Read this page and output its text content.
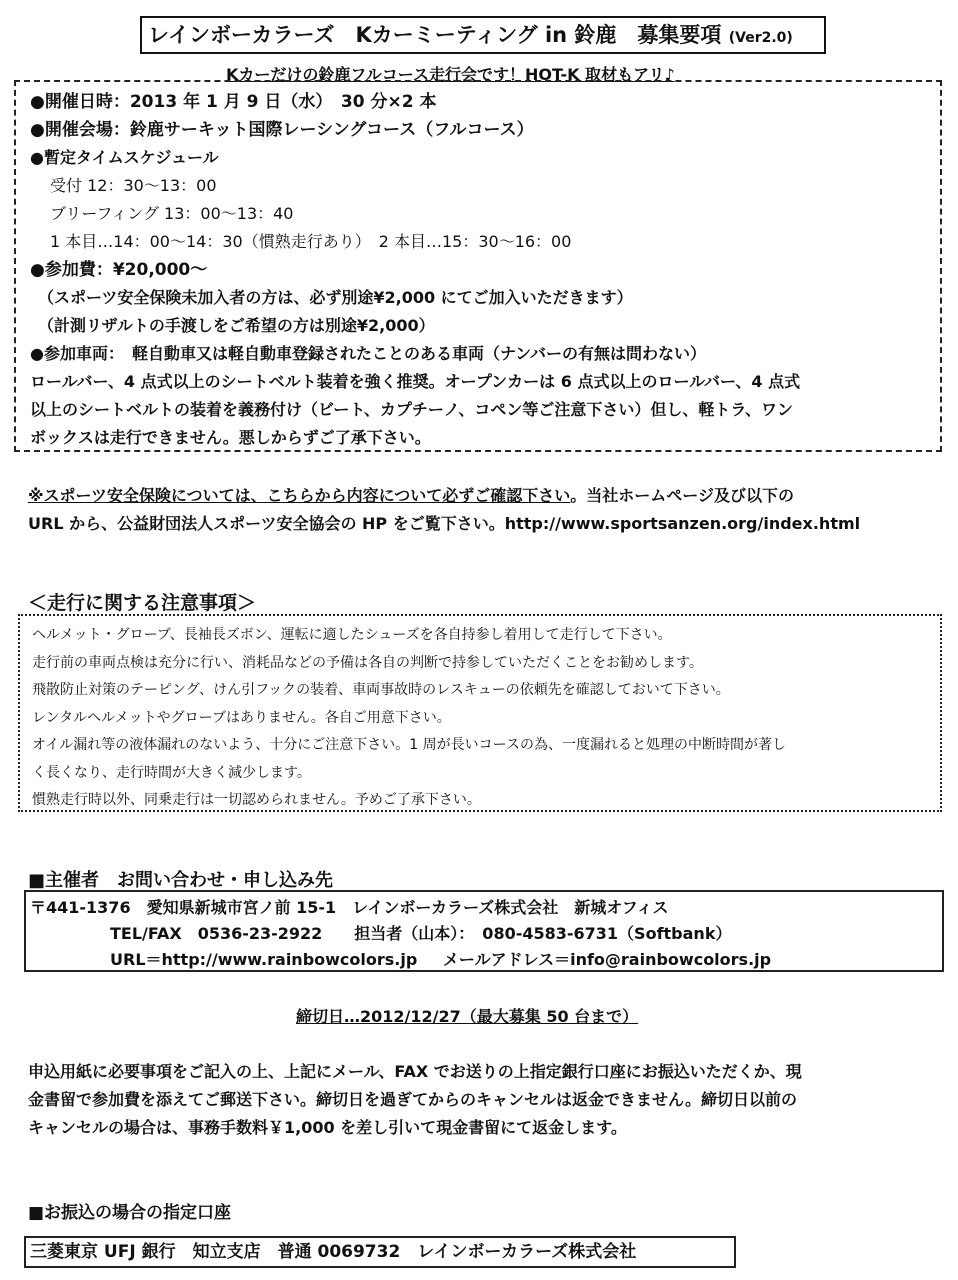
レインボーカラーズ　Kカーミーティング in 鈴鹿　募集要項 (Ver2.0)
Kカーだけの鈴鹿フルコース走行会です！HOT-K 取材もアリ♪
●開催日時：2013 年 1 月 9 日（水）　30 分×2 本
●開催会場：鈴鹿サーキット国際レーシングコース（フルコース）
●暫定タイムスケジュール
受付 12：30〜13：00
ブリーフィング 13：00〜13：40
1 本目…14：00〜14：30（慣熟走行あり）　2 本目…15：30〜16：00
●参加費：¥20,000〜
（スポーツ安全保険未加入者の方は、必ず別途¥2,000 にてご加入いただきます）
（計測リザルトの手渡しをご希望の方は別途¥2,000）
●参加車両：　軽自動車又は軽自動車登録されたことのある車両（ナンバーの有無は問わない）
ロールバー、4 点式以上のシートベルト装着を強く推奨。オープンカーは 6 点式以上のロールバー、4 点式
以上のシートベルトの装着を義務付け（ビート、カプチーノ、コペン等ご注意下さい）但し、軽トラ、ワン
ボックスは走行できません。悪しからずご了承下さい。
※スポーツ安全保険については、こちらから内容について必ずご確認下さい。当社ホームページ及び以下の
URL から、公益財団法人スポーツ安全協会の HP をご覧下さい。http://www.sportsanzen.org/index.html
＜走行に関する注意事項＞
ヘルメット・グローブ、長袖長ズボン、運転に適したシューズを各自持参し着用して走行して下さい。
走行前の車両点検は充分に行い、消耗品などの予備は各自の判断で持参していただくことをお勧めします。
飛散防止対策のテーピング、けん引フックの装着、車両事故時のレスキューの依頼先を確認しておいて下さい。
レンタルヘルメットやグローブはありません。各自ご用意下さい。
オイル漏れ等の液体漏れのないよう、十分にご注意下さい。1 周が長いコースの為、一度漏れると処理の中断時間が著し
く長くなり、走行時間が大きく減少します。
慣熟走行時以外、同乗走行は一切認められません。予めご了承下さい。
■主催者　お問い合わせ・申し込み先
〒441-1376　愛知県新城市宮ノ前 15-1　レインボーカラーズ株式会社　新城オフィス
TEL/FAX　0536-23-2922　　担当者（山本）：　080-4583-6731（Softbank）
URL＝http://www.rainbowcolors.jp メールアドレス＝info@rainbowcolors.jp
締切日…2012/12/27（最大募集 50 台まで）
申込用紙に必要事項をご記入の上、上記にメール、FAX でお送りの上指定銀行口座にお振込いただくか、現
金書留で参加費を添えてご郵送下さい。締切日を過ぎてからのキャンセルは返金できません。締切日以前の
キャンセルの場合は、事務手数料￥1,000 を差し引いて現金書留にて返金します。
■お振込の場合の指定口座
三菱東京 UFJ 銀行　知立支店　普通 0069732　レインボーカラーズ株式会社
